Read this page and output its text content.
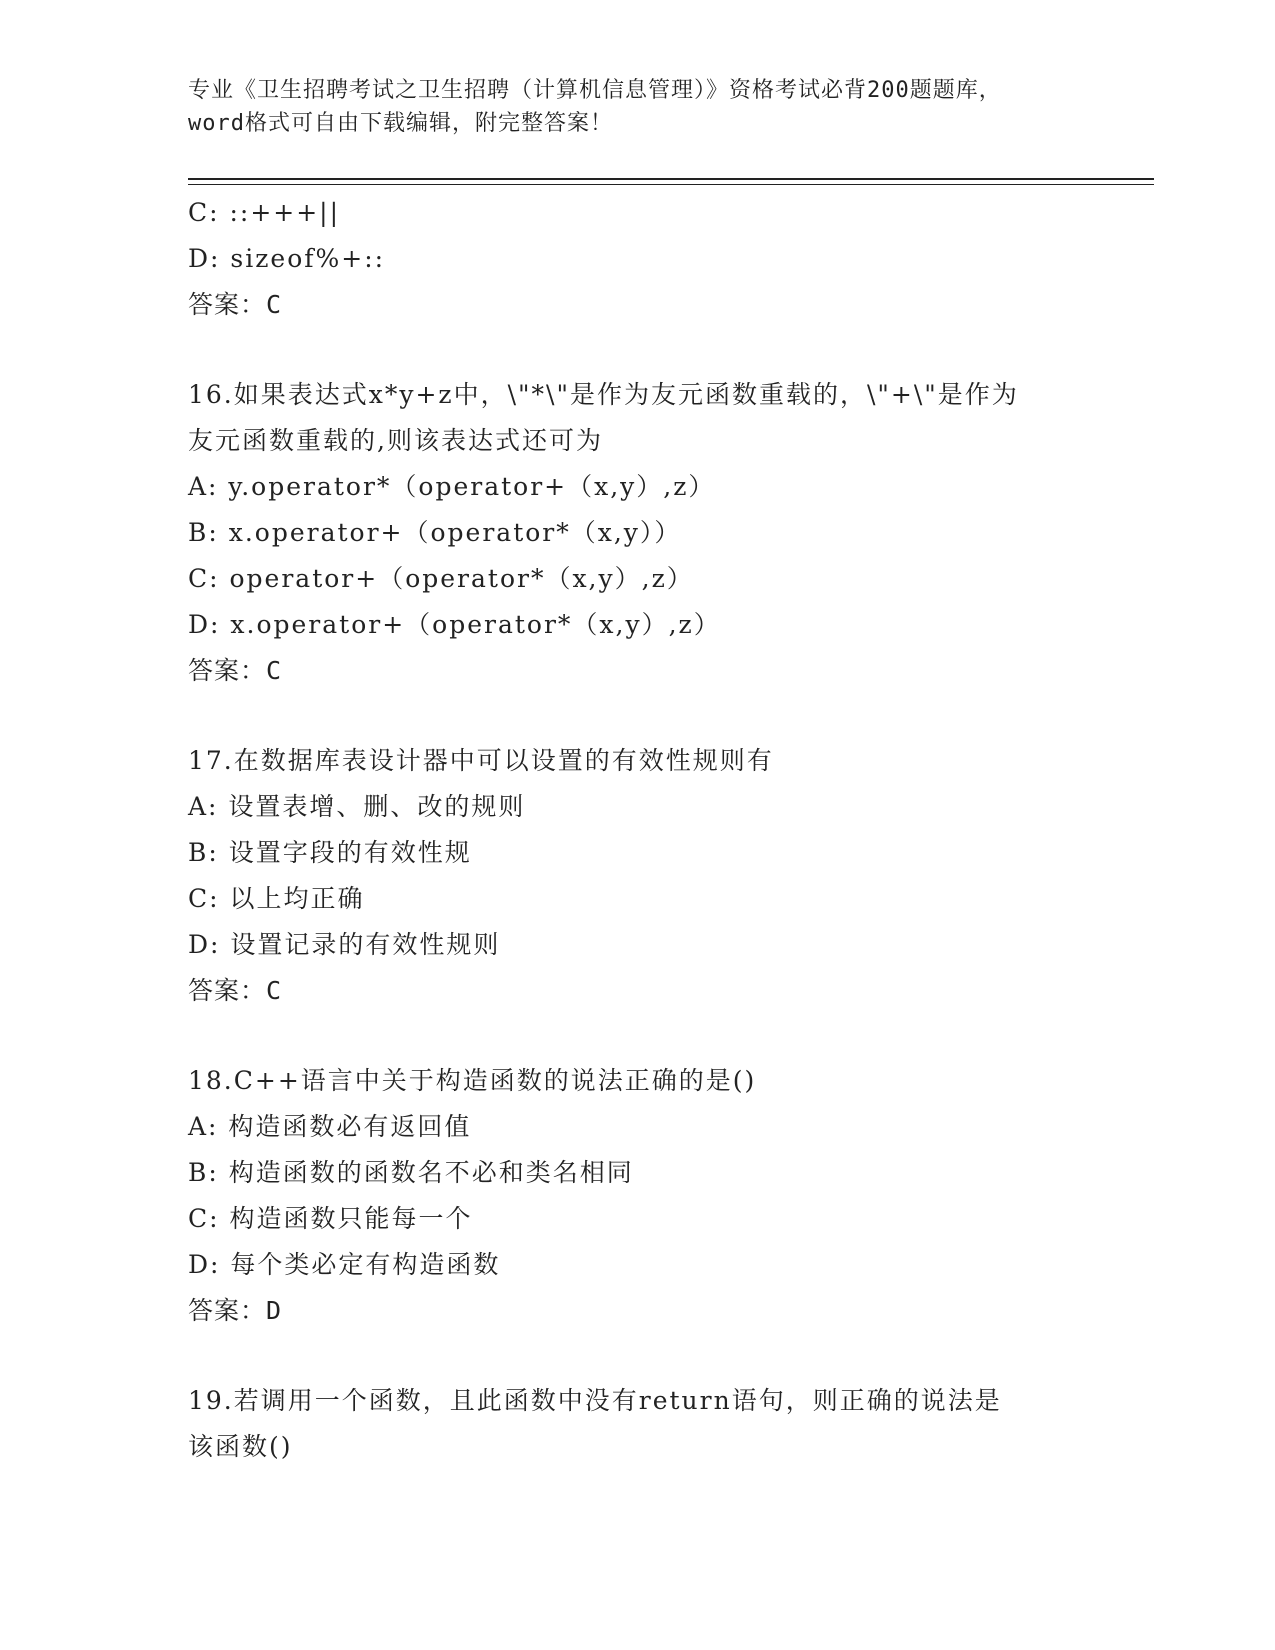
专业《卫生招聘考试之卫生招聘（计算机信息管理）》资格考试必背200题题库，
word格式可自由下载编辑，附完整答案！
C: ::+++||
D: sizeof%+::
答案：C
16.如果表达式x*y+z中，\"*\"是作为友元函数重载的，\"+\"是作为
友元函数重载的,则该表达式还可为
A: y.operator*（operator+（x,y）,z）
B: x.operator+（operator*（x,y））
C: operator+（operator*（x,y）,z）
D: x.operator+（operator*（x,y）,z）
答案：C
17.在数据库表设计器中可以设置的有效性规则有
A: 设置表增、删、改的规则
B: 设置字段的有效性规
C: 以上均正确
D: 设置记录的有效性规则
答案：C
18.C++语言中关于构造函数的说法正确的是()
A: 构造函数必有返回值
B: 构造函数的函数名不必和类名相同
C: 构造函数只能每一个
D: 每个类必定有构造函数
答案：D
19.若调用一个函数，且此函数中没有return语句，则正确的说法是
该函数()
